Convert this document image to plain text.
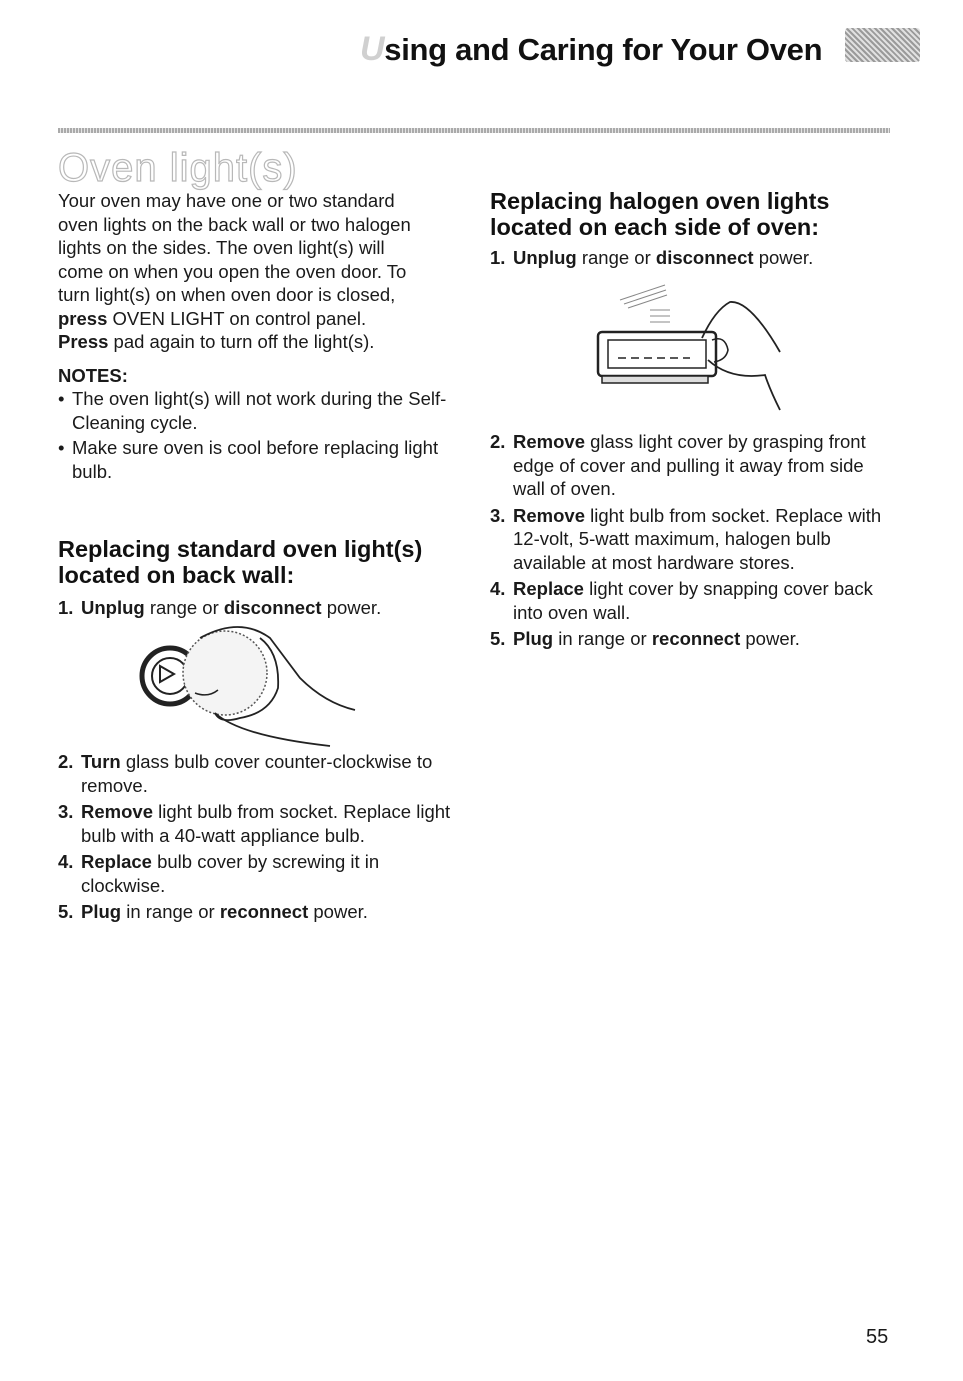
Using and Caring for Your Oven
Oven light(s)

Your oven may have one or two standard
oven lights on the back wall or two halogen
lights on the sides. The oven light(s) will
come on when you open the oven door. To
turn light(s) on when oven door is closed,
press OVEN LIGHT on control panel.
Press pad again to turn off the light(s).

NOTES:

• The oven light(s) will not work during the Self-Cleaning cycle.
• Make sure oven is cool before replacing light bulb.
Replacing standard oven light(s)
located on back wall:
1. Unplug range or disconnect power.
2. Turn glass bulb cover counter-clockwise to remove.
3. Remove light bulb from socket. Replace light bulb with a 40-watt appliance bulb.
4. Replace bulb cover by screwing it in clockwise.
5. Plug in range or reconnect power.
Replacing halogen oven lights
located on each side of oven:
1. Unplug range or disconnect power.
2. Remove glass light cover by grasping front edge of cover and pulling it away from side wall of oven.
3. Remove light bulb from socket. Replace with 12-volt, 5-watt maximum, halogen bulb available at most hardware stores.
4. Replace light cover by snapping cover back into oven wall.
5. Plug in range or reconnect power.
55
